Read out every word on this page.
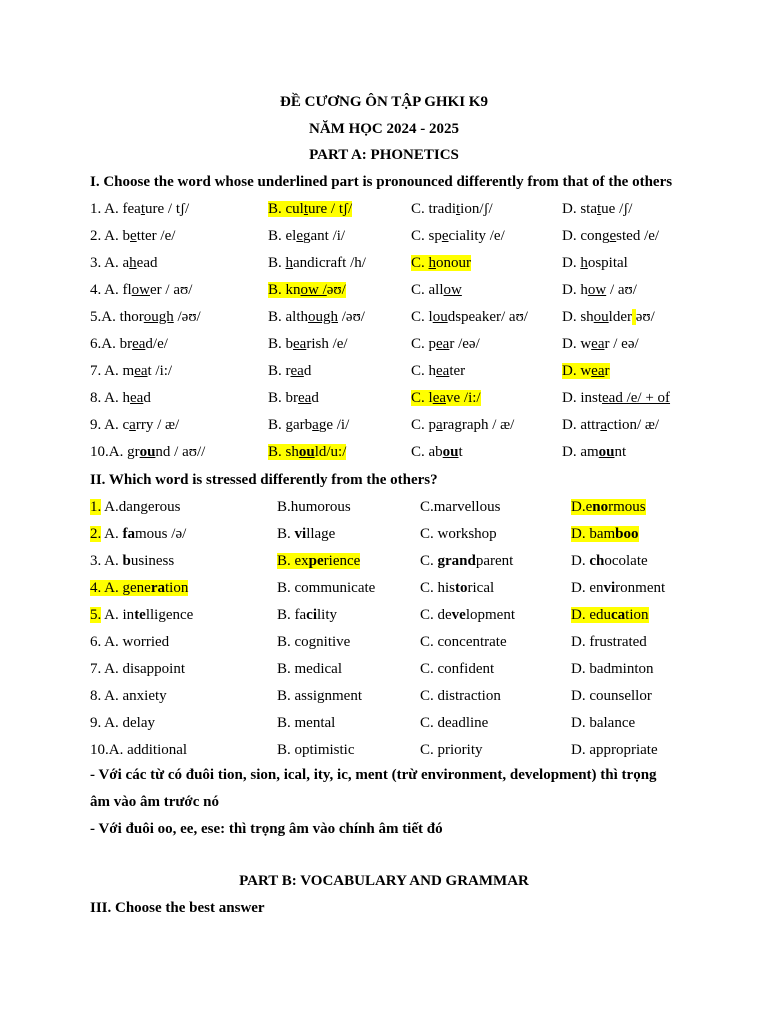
ĐỀ CƯƠNG ÔN TẬP GHKI K9
NĂM HỌC 2024 - 2025
PART A: PHONETICS
I. Choose the word whose underlined part is pronounced differently from that of the others
1. A. feature / tʃ/	B. culture / tʃ/	C. tradition/ʃ/	D. statue /ʃ/
2. A. better /e/	B. elegant /i/	C. speciality /e/	D. congested /e/
3. A. ahead	B. handicraft /h/	C. honour	D. hospital
4. A. flower / aʊ/	B. know /əʊ/	C. allow	D. how / aʊ/
5.A. thorough /əʊ/	B. although /əʊ/	C. loudspeaker/ aʊ/ D. shoulder əʊ/
6.A. bread/e/	B. bearish /e/	C. pear /eə/	D. wear / eə/
7. A. meat /i:/	B. read	C. heater	D. wear
8. A. head	B. bread	C. leave /i:/	D. instead /e/ + of
9. A. carry / æ/	B. garbage /i/	C. paragraph / æ/	D. attraction/ æ/
10.A. ground / aʊ//	B. should/u:/	C. about	D. amount
II. Which word is stressed differently from the others?
1. A.dangerous	B.humorous	C.marvellous	D.enormous
2. A. famous /ə/	B. village	C. workshop	D. bamboo
3. A. business	B. experience	C. grandparent	D. chocolate
4. A. generation	B. communicate	C. historical	D. environment
5. A. intelligence	B. facility	C. development	D. education
6. A. worried	B. cognitive	C. concentrate	D. frustrated
7. A. disappoint	B. medical	C. confident	D. badminton
8. A. anxiety	B. assignment	C. distraction	D. counsellor
9. A. delay	B. mental	C. deadline	D. balance
10.A. additional	B. optimistic	C. priority	D. appropriate
- Với các từ có đuôi tion, sion, ical, ity, ic, ment (trừ environment, development) thì trọng
âm vào âm trước nó
- Với đuôi oo, ee, ese: thì trọng âm vào chính âm tiết đó
PART B: VOCABULARY AND GRAMMAR
III. Choose the best answer
